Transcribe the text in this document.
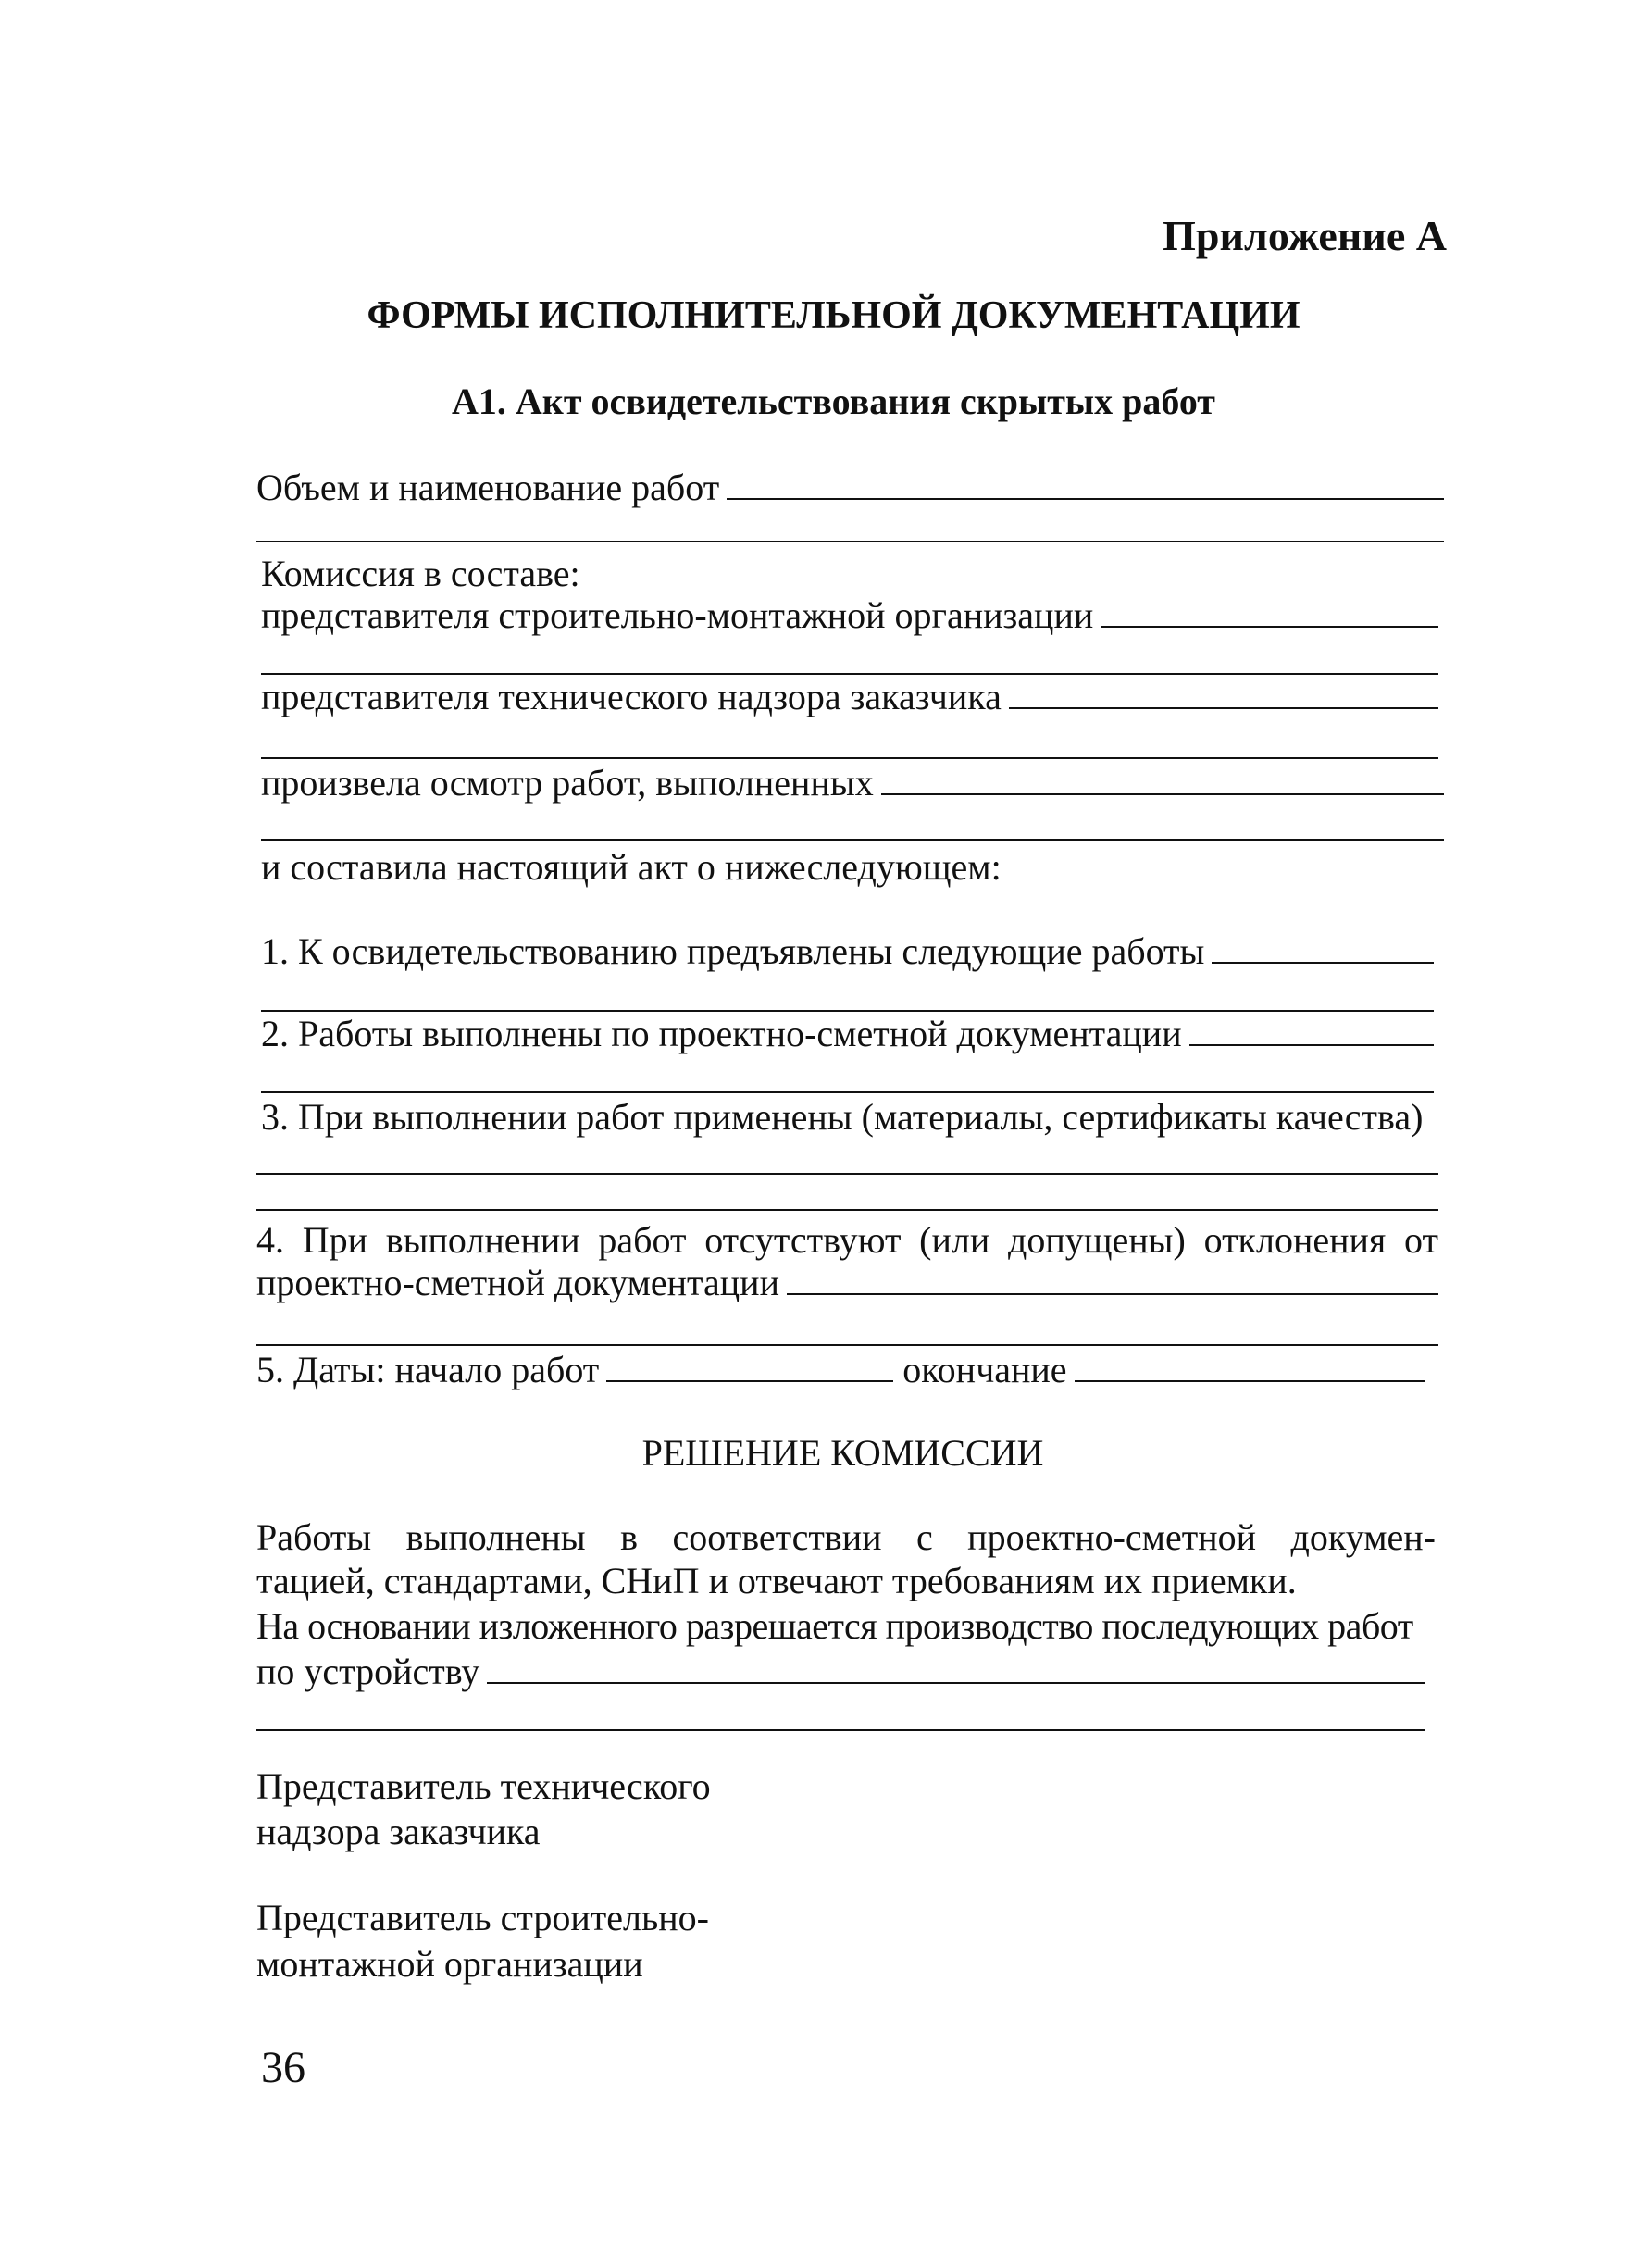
Приложение А
ФОРМЫ ИСПОЛНИТЕЛЬНОЙ ДОКУМЕНТАЦИИ
А1. Акт освидетельствования скрытых работ
Объем и наименование работ
Комиссия в составе:
представителя строительно-монтажной организации
представителя технического надзора заказчика
произвела осмотр работ, выполненных
и составила настоящий акт о нижеследующем:
1. К освидетельствованию предъявлены следующие работы
2. Работы выполнены по проектно-сметной документации
3. При выполнении работ применены (материалы, сертификаты качества)
4. При выполнении работ отсутствуют (или допущены) отклонения от
проектно-сметной документации
5. Даты: начало работ	окончание
РЕШЕНИЕ КОМИССИИ
Работы выполнены в соответствии с проектно-сметной докумен-
тацией, стандартами, СНиП и отвечают требованиям их приемки.
На основании изложенного разрешается производство последующих работ
по устройству
Представитель технического
надзора заказчика
Представитель строительно-
монтажной организации
36
